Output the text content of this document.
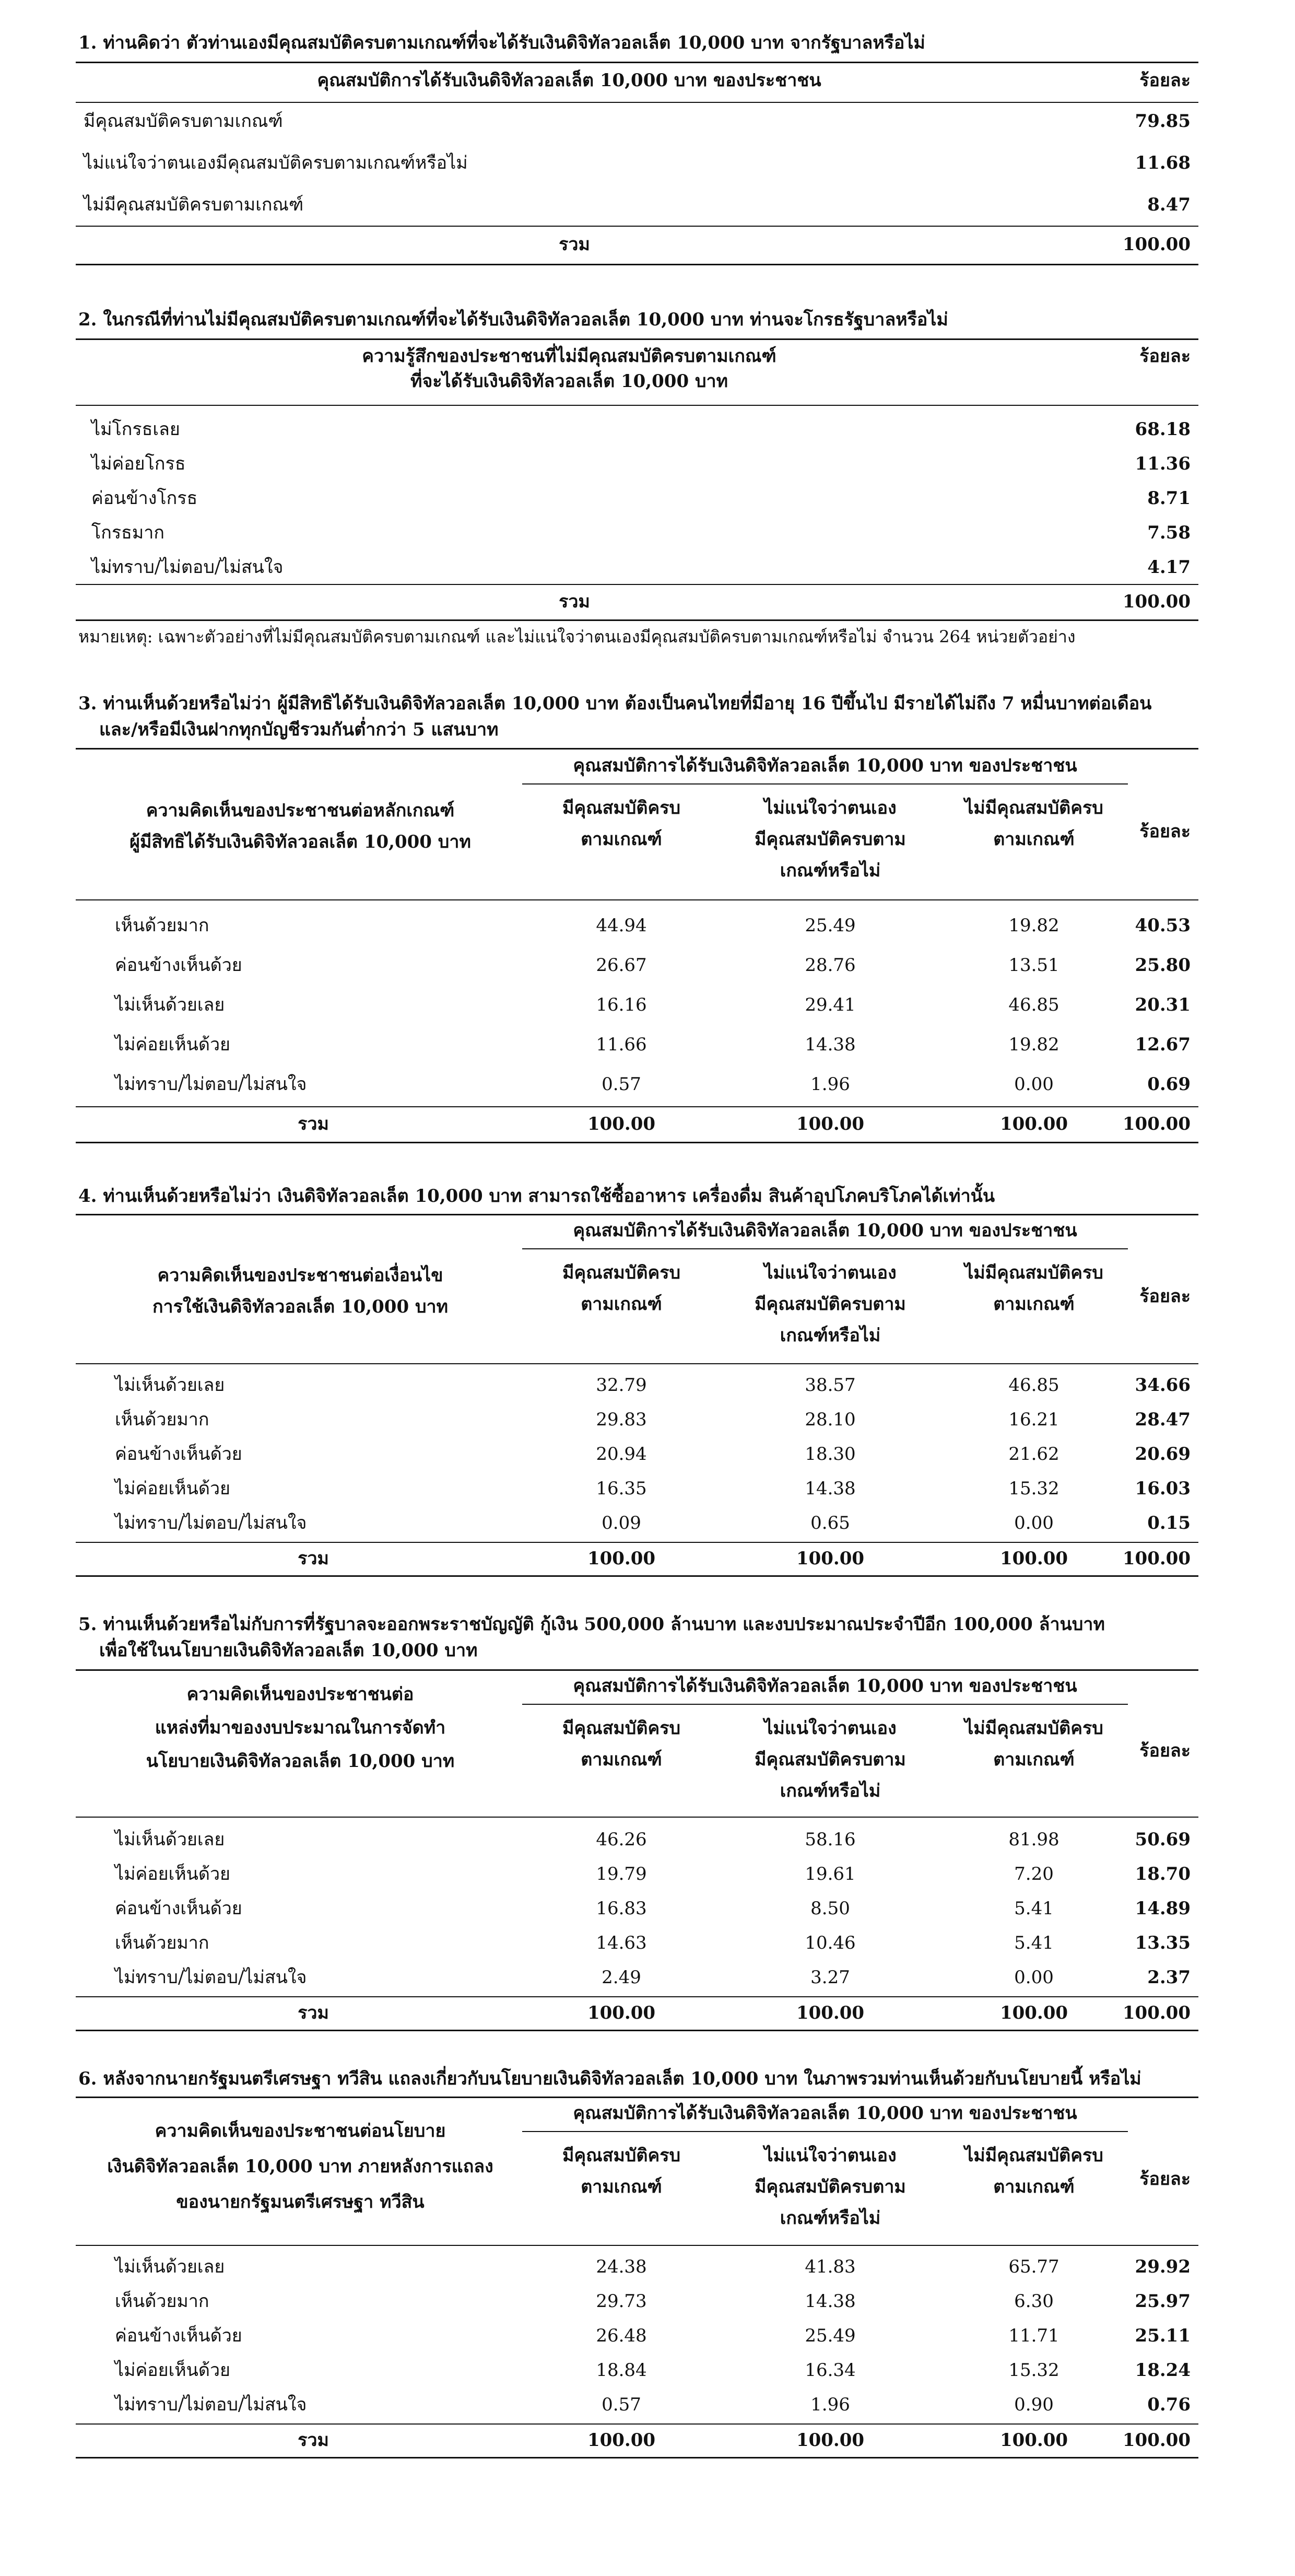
1. ท่านคิดว่า ตัวท่านเองมีคุณสมบัติครบตามเกณฑ์ที่จะได้รับเงินดิจิทัลวอลเล็ต 10,000 บาท จากรัฐบาลหรือไม่
คุณสมบัติการได้รับเงินดิจิทัลวอลเล็ต 10,000 บาท ของประชาชน	ร้อยละ
มีคุณสมบัติครบตามเกณฑ์	79.85
ไม่แน่ใจว่าตนเองมีคุณสมบัติครบตามเกณฑ์หรือไม่	11.68
ไม่มีคุณสมบัติครบตามเกณฑ์	8.47
รวม	100.00
2. ในกรณีที่ท่านไม่มีคุณสมบัติครบตามเกณฑ์ที่จะได้รับเงินดิจิทัลวอลเล็ต 10,000 บาท ท่านจะโกรธรัฐบาลหรือไม่
ความรู้สึกของประชาชนที่ไม่มีคุณสมบัติครบตามเกณฑ์
ที่จะได้รับเงินดิจิทัลวอลเล็ต 10,000 บาท
ร้อยละ
ไม่โกรธเลย	68.18
ไม่ค่อยโกรธ	11.36
ค่อนข้างโกรธ	8.71
โกรธมาก	7.58
ไม่ทราบ/ไม่ตอบ/ไม่สนใจ	4.17
รวม	100.00
หมายเหตุ: เฉพาะตัวอย่างที่ไม่มีคุณสมบัติครบตามเกณฑ์ และไม่แน่ใจว่าตนเองมีคุณสมบัติครบตามเกณฑ์หรือไม่ จำนวน 264 หน่วยตัวอย่าง
3. ท่านเห็นด้วยหรือไม่ว่า ผู้มีสิทธิได้รับเงินดิจิทัลวอลเล็ต 10,000 บาท ต้องเป็นคนไทยที่มีอายุ 16 ปีขึ้นไป มีรายได้ไม่ถึง 7 หมื่นบาทต่อเดือน
และ/หรือมีเงินฝากทุกบัญชีรวมกันต่ำกว่า 5 แสนบาท
คุณสมบัติการได้รับเงินดิจิทัลวอลเล็ต 10,000 บาท ของประชาชน
ความคิดเห็นของประชาชนต่อหลักเกณฑ์
ผู้มีสิทธิได้รับเงินดิจิทัลวอลเล็ต 10,000 บาท
มีคุณสมบัติครบ
ตามเกณฑ์
ไม่แน่ใจว่าตนเอง
มีคุณสมบัติครบตาม
เกณฑ์หรือไม่
ไม่มีคุณสมบัติครบ
ตามเกณฑ์	ร้อยละ
เห็นด้วยมาก	44.94	25.49	19.82	40.53
ค่อนข้างเห็นด้วย	26.67	28.76	13.51	25.80
ไม่เห็นด้วยเลย	16.16	29.41	46.85	20.31
ไม่ค่อยเห็นด้วย	11.66	14.38	19.82	12.67
ไม่ทราบ/ไม่ตอบ/ไม่สนใจ	0.57	1.96	0.00	0.69
รวม	100.00	100.00	100.00	100.00
4. ท่านเห็นด้วยหรือไม่ว่า เงินดิจิทัลวอลเล็ต 10,000 บาท สามารถใช้ซื้ออาหาร เครื่องดื่ม สินค้าอุปโภคบริโภคได้เท่านั้น
คุณสมบัติการได้รับเงินดิจิทัลวอลเล็ต 10,000 บาท ของประชาชน
ความคิดเห็นของประชาชนต่อเงื่อนไข
การใช้เงินดิจิทัลวอลเล็ต 10,000 บาท
มีคุณสมบัติครบ
ตามเกณฑ์
ไม่แน่ใจว่าตนเอง
มีคุณสมบัติครบตาม
เกณฑ์หรือไม่
ไม่มีคุณสมบัติครบ
ตามเกณฑ์	ร้อยละ
ไม่เห็นด้วยเลย	32.79	38.57	46.85	34.66
เห็นด้วยมาก	29.83	28.10	16.21	28.47
ค่อนข้างเห็นด้วย	20.94	18.30	21.62	20.69
ไม่ค่อยเห็นด้วย	16.35	14.38	15.32	16.03
ไม่ทราบ/ไม่ตอบ/ไม่สนใจ	0.09	0.65	0.00	0.15
รวม	100.00	100.00	100.00	100.00
5. ท่านเห็นด้วยหรือไม่กับการที่รัฐบาลจะออกพระราชบัญญัติ กู้เงิน 500,000 ล้านบาท และงบประมาณประจำปีอีก 100,000 ล้านบาท
เพื่อใช้ในนโยบายเงินดิจิทัลวอลเล็ต 10,000 บาท
คุณสมบัติการได้รับเงินดิจิทัลวอลเล็ต 10,000 บาท ของประชาชน
ความคิดเห็นของประชาชนต่อ
แหล่งที่มาของงบประมาณในการจัดทำ
นโยบายเงินดิจิทัลวอลเล็ต 10,000 บาท
มีคุณสมบัติครบ
ตามเกณฑ์
ไม่แน่ใจว่าตนเอง
มีคุณสมบัติครบตาม
เกณฑ์หรือไม่
ไม่มีคุณสมบัติครบ
ตามเกณฑ์	ร้อยละ
ไม่เห็นด้วยเลย	46.26	58.16	81.98	50.69
ไม่ค่อยเห็นด้วย	19.79	19.61	7.20	18.70
ค่อนข้างเห็นด้วย	16.83	8.50	5.41	14.89
เห็นด้วยมาก	14.63	10.46	5.41	13.35
ไม่ทราบ/ไม่ตอบ/ไม่สนใจ	2.49	3.27	0.00	2.37
รวม	100.00	100.00	100.00	100.00
6. หลังจากนายกรัฐมนตรีเศรษฐา ทวีสิน แถลงเกี่ยวกับนโยบายเงินดิจิทัลวอลเล็ต 10,000 บาท ในภาพรวมท่านเห็นด้วยกับนโยบายนี้ หรือไม่
คุณสมบัติการได้รับเงินดิจิทัลวอลเล็ต 10,000 บาท ของประชาชน
ความคิดเห็นของประชาชนต่อนโยบาย
เงินดิจิทัลวอลเล็ต 10,000 บาท ภายหลังการแถลง
ของนายกรัฐมนตรีเศรษฐา ทวีสิน
มีคุณสมบัติครบ
ตามเกณฑ์
ไม่แน่ใจว่าตนเอง
มีคุณสมบัติครบตาม
เกณฑ์หรือไม่
ไม่มีคุณสมบัติครบ
ตามเกณฑ์	ร้อยละ
ไม่เห็นด้วยเลย	24.38	41.83	65.77	29.92
เห็นด้วยมาก	29.73	14.38	6.30	25.97
ค่อนข้างเห็นด้วย	26.48	25.49	11.71	25.11
ไม่ค่อยเห็นด้วย	18.84	16.34	15.32	18.24
ไม่ทราบ/ไม่ตอบ/ไม่สนใจ	0.57	1.96	0.90	0.76
รวม	100.00	100.00	100.00	100.00
